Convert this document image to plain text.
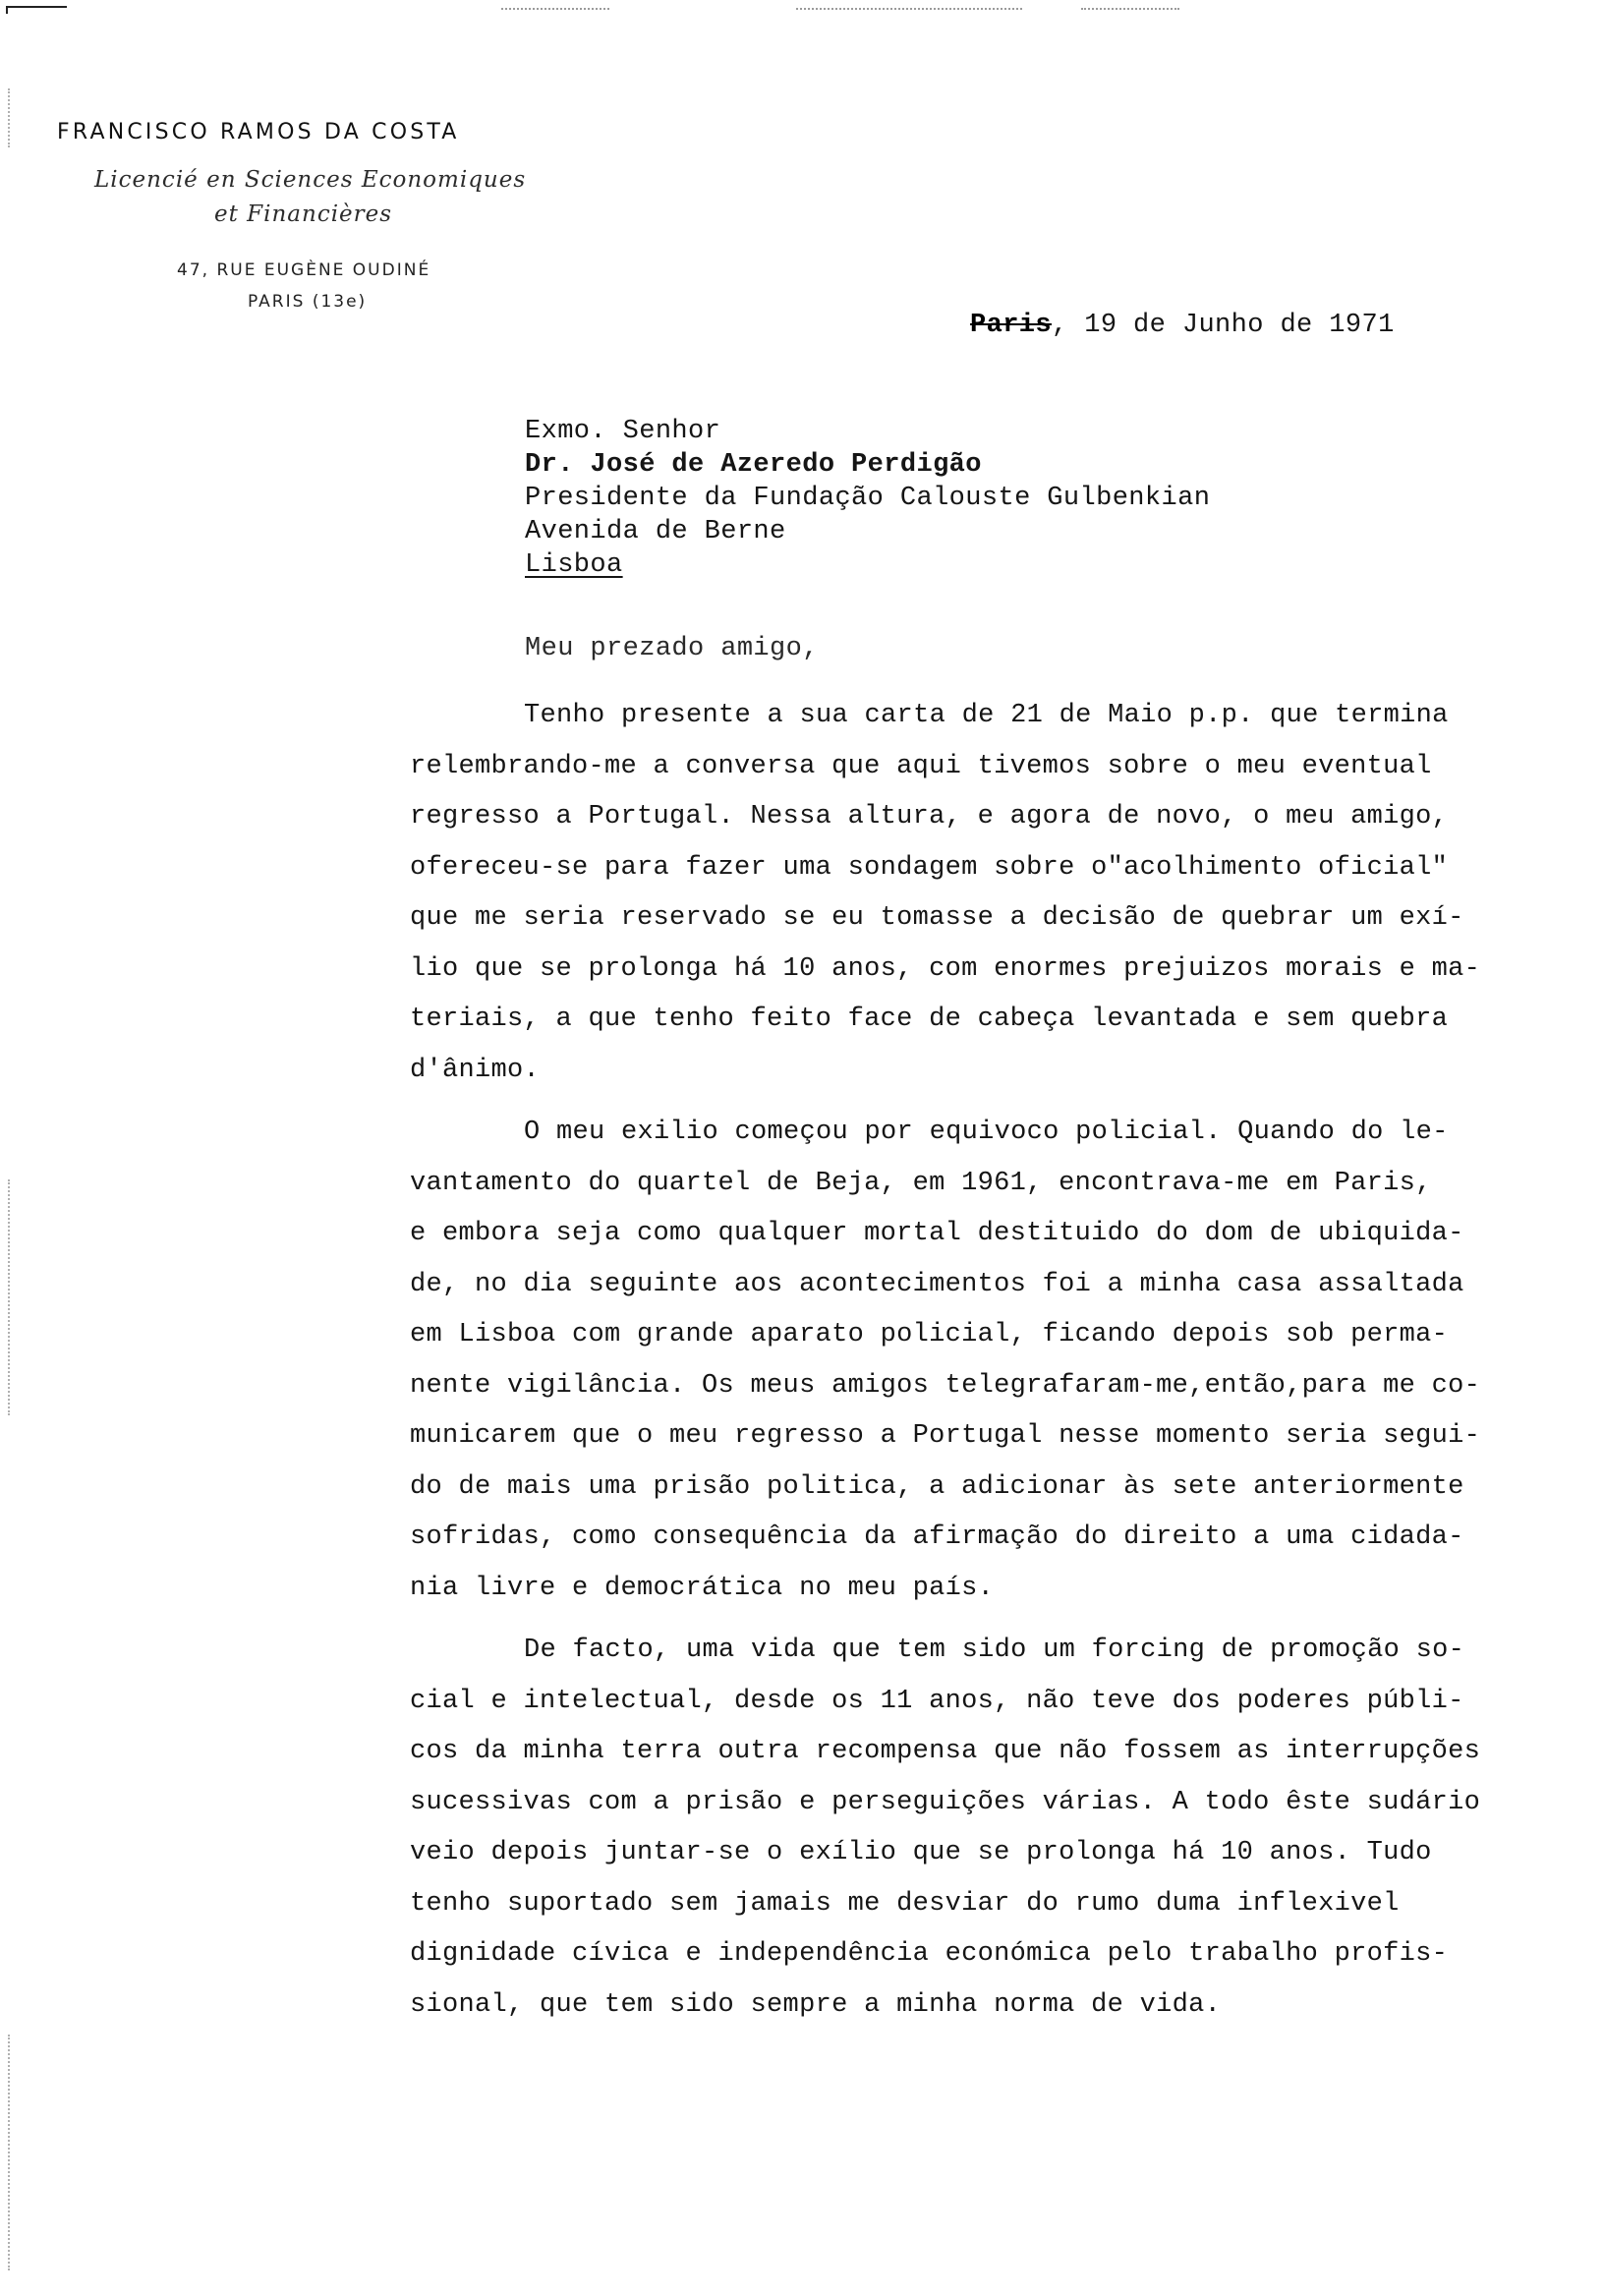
FRANCISCO RAMOS DA COSTA
Licencié en Sciences Economiques
et Financières
47, RUE EUGÈNE OUDINÉ
PARIS (13e)
Paris, 19 de Junho de 1971
Exmo. Senhor
Dr. José de Azeredo Perdigão
Presidente da Fundação Calouste Gulbenkian
Avenida de Berne
Lisboa
Meu prezado amigo,
Tenho presente a sua carta de 21 de Maio p.p. que termina
relembrando-me a conversa que aqui tivemos sobre o meu eventual
regresso a Portugal. Nessa altura, e agora de novo, o meu amigo,
ofereceu-se para fazer uma sondagem sobre o"acolhimento oficial"
que me seria reservado se eu tomasse a decisão de quebrar um exí-
lio que se prolonga há 10 anos, com enormes prejuizos morais e ma-
teriais, a que tenho feito face de cabeça levantada e sem quebra
d'ânimo.
O meu exilio começou por equivoco policial. Quando do le-
vantamento do quartel de Beja, em 1961, encontrava-me em Paris,
e embora seja como qualquer mortal destituido do dom de ubiquida-
de, no dia seguinte aos acontecimentos foi a minha casa assaltada
em Lisboa com grande aparato policial, ficando depois sob perma-
nente vigilância. Os meus amigos telegrafaram-me,então,para me co-
municarem que o meu regresso a Portugal nesse momento seria segui-
do de mais uma prisão politica, a adicionar às sete anteriormente
sofridas, como consequência da afirmação do direito a uma cidada-
nia livre e democrática no meu país.
De facto, uma vida que tem sido um forcing de promoção so-
cial e intelectual, desde os 11 anos, não teve dos poderes públi-
cos da minha terra outra recompensa que não fossem as interrupções
sucessivas com a prisão e perseguições várias. A todo êste sudário
veio depois juntar-se o exílio que se prolonga há 10 anos. Tudo
tenho suportado sem jamais me desviar do rumo duma inflexivel
dignidade cívica e independência económica pelo trabalho profis-
sional, que tem sido sempre a minha norma de vida.
